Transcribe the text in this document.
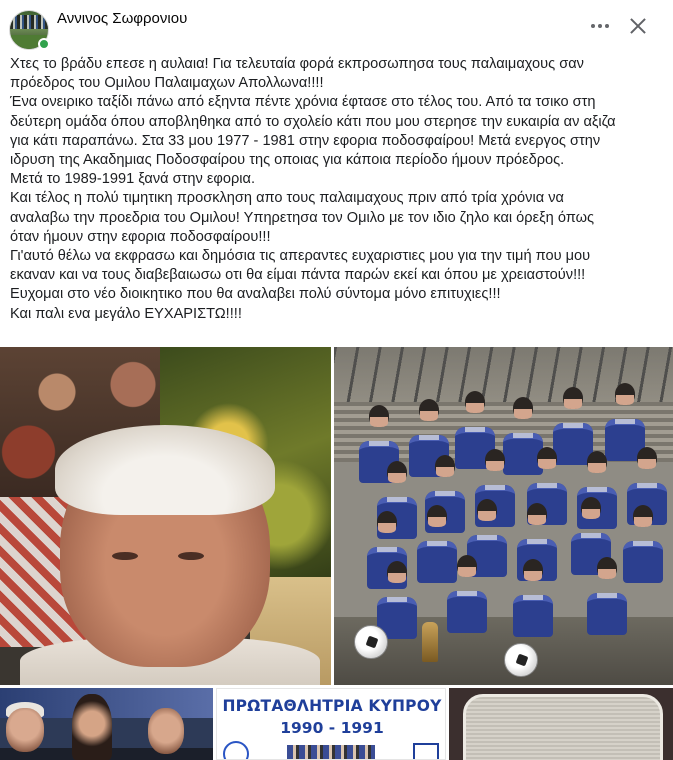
Αννινος Σωφρονιου

Χτες το βράδυ επεσε η αυλαια! Για τελευταία φορά εκπροσωπησα τους παλαιμαχους σαν

πρόεδρος του Ομιλου Παλαιμαχων Απολλωνα!!!!

Ένα ονειρικο ταξίδι πάνω από εξηντα πέντε χρόνια έφτασε στο τέλος του. Από τα τσικο στη

δεύτερη ομάδα όπου αποβληθηκα από το σχολείο κάτι που μου στερησε την ευκαιρία αν αξιζα

για κάτι παραπάνω. Στα 33 μου 1977 - 1981 στην εφορια ποδοσφαίρου! Μετά ενεργος στην

ιδρυση της Ακαδημιας Ποδοσφαίρου της οποιας για κάποια περίοδο ήμουν πρόεδρος.

Μετά το 1989-1991 ξανά στην εφορια.

Και τέλος η πολύ τιμητικη προσκληση απο τους παλαιμαχους πριν από τρία χρόνια να

αναλαβω την προεδρια του Ομιλου! Υπηρετησα τον Ομιλο με τον ιδιο ζηλο και όρεξη όπως

όταν ήμουν στην εφορια ποδοσφαίρου!!!

Γι'αυτό θέλω να εκφρασω και δημόσια τις απεραντες ευχαριστιες μου για την τιμή που μου

εκαναν και να τους διαβεβαιωσω οτι θα είμαι πάντα παρών εκεί και όπου με χρειαστούν!!!

Ευχομαι στο νέο διοικητικο που θα αναλαβει πολύ σύντομα μόνο επιτυχιες!!!

Και παλι ενα μεγάλο ΕΥΧΑΡΙΣΤΩ!!!!

ΠΡΩΤΑΘΛΗΤΡΙΑ ΚΥΠΡΟΥ
1990 - 1991
